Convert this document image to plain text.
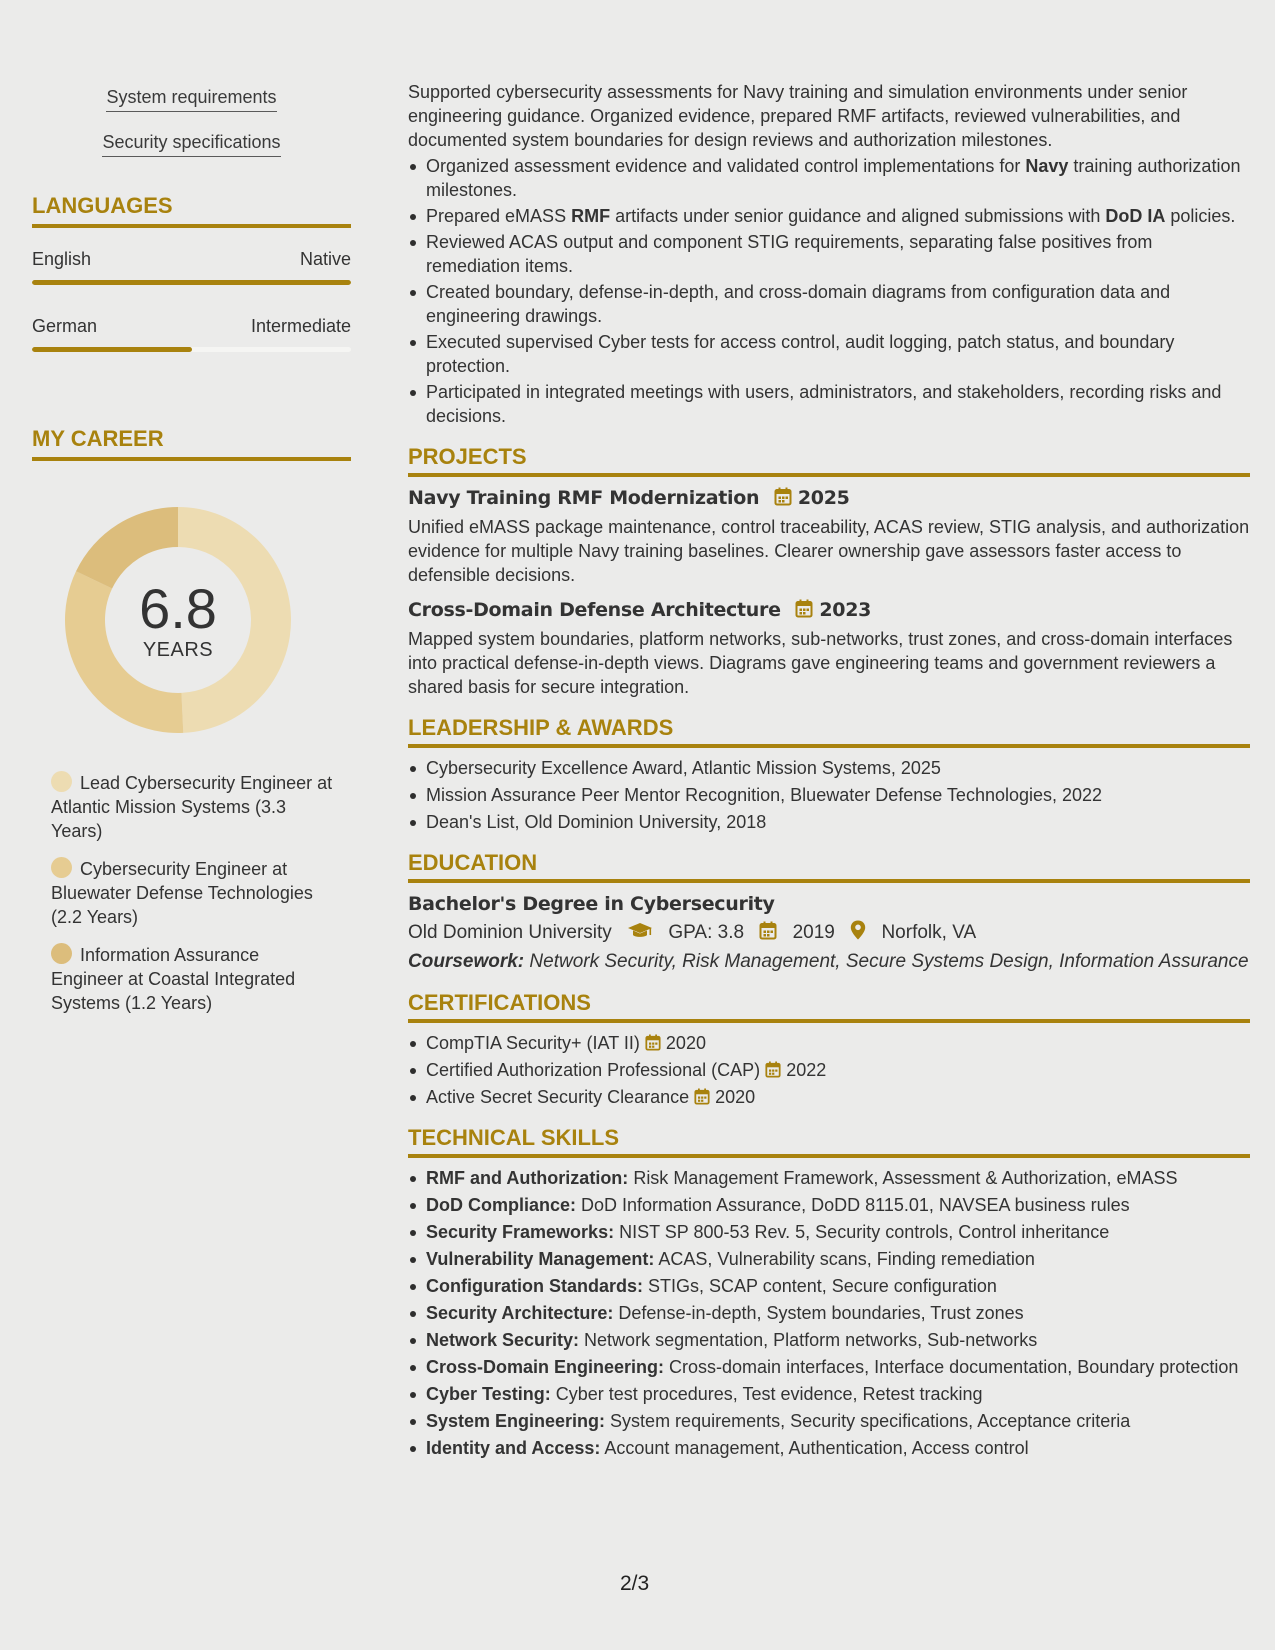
System requirements
Security specifications
LANGUAGES
English	Native
German	Intermediate
MY CAREER
6.8
YEARS
Lead Cybersecurity Engineer at Atlantic Mission Systems (3.3 Years)
Cybersecurity Engineer at Bluewater Defense Technologies (2.2 Years)
Information Assurance Engineer at Coastal Integrated Systems (1.2 Years)

Supported cybersecurity assessments for Navy training and simulation environments under senior engineering guidance. Organized evidence, prepared RMF artifacts, reviewed vulnerabilities, and documented system boundaries for design reviews and authorization milestones.

Organized assessment evidence and validated control implementations for Navy training authorization milestones.
Prepared eMASS RMF artifacts under senior guidance and aligned submissions with DoD IA policies.
Reviewed ACAS output and component STIG requirements, separating false positives from remediation items.
Created boundary, defense-in-depth, and cross-domain diagrams from configuration data and engineering drawings.
Executed supervised Cyber tests for access control, audit logging, patch status, and boundary protection.
Participated in integrated meetings with users, administrators, and stakeholders, recording risks and decisions.
PROJECTS
Navy Training RMF Modernization 2025

Unified eMASS package maintenance, control traceability, ACAS review, STIG analysis, and authorization evidence for multiple Navy training baselines. Clearer ownership gave assessors faster access to defensible decisions.

Cross-Domain Defense Architecture 2023

Mapped system boundaries, platform networks, sub-networks, trust zones, and cross-domain interfaces into practical defense-in-depth views. Diagrams gave engineering teams and government reviewers a shared basis for secure integration.

LEADERSHIP & AWARDS
Cybersecurity Excellence Award, Atlantic Mission Systems, 2025
Mission Assurance Peer Mentor Recognition, Bluewater Defense Technologies, 2022
Dean's List, Old Dominion University, 2018
EDUCATION
Bachelor's Degree in Cybersecurity
Old Dominion University	GPA: 3.8	2019 Norfolk, VA
Coursework: Network Security, Risk Management, Secure Systems Design, Information Assurance
CERTIFICATIONS
CompTIA Security+ (IAT II) 2020
Certified Authorization Professional (CAP) 2022
Active Secret Security Clearance 2020
TECHNICAL SKILLS
RMF and Authorization: Risk Management Framework, Assessment & Authorization, eMASS
DoD Compliance: DoD Information Assurance, DoDD 8115.01, NAVSEA business rules
Security Frameworks: NIST SP 800-53 Rev. 5, Security controls, Control inheritance
Vulnerability Management: ACAS, Vulnerability scans, Finding remediation
Configuration Standards: STIGs, SCAP content, Secure configuration
Security Architecture: Defense-in-depth, System boundaries, Trust zones
Network Security: Network segmentation, Platform networks, Sub-networks
Cross-Domain Engineering: Cross-domain interfaces, Interface documentation, Boundary protection
Cyber Testing: Cyber test procedures, Test evidence, Retest tracking
System Engineering: System requirements, Security specifications, Acceptance criteria
Identity and Access: Account management, Authentication, Access control
2/3
